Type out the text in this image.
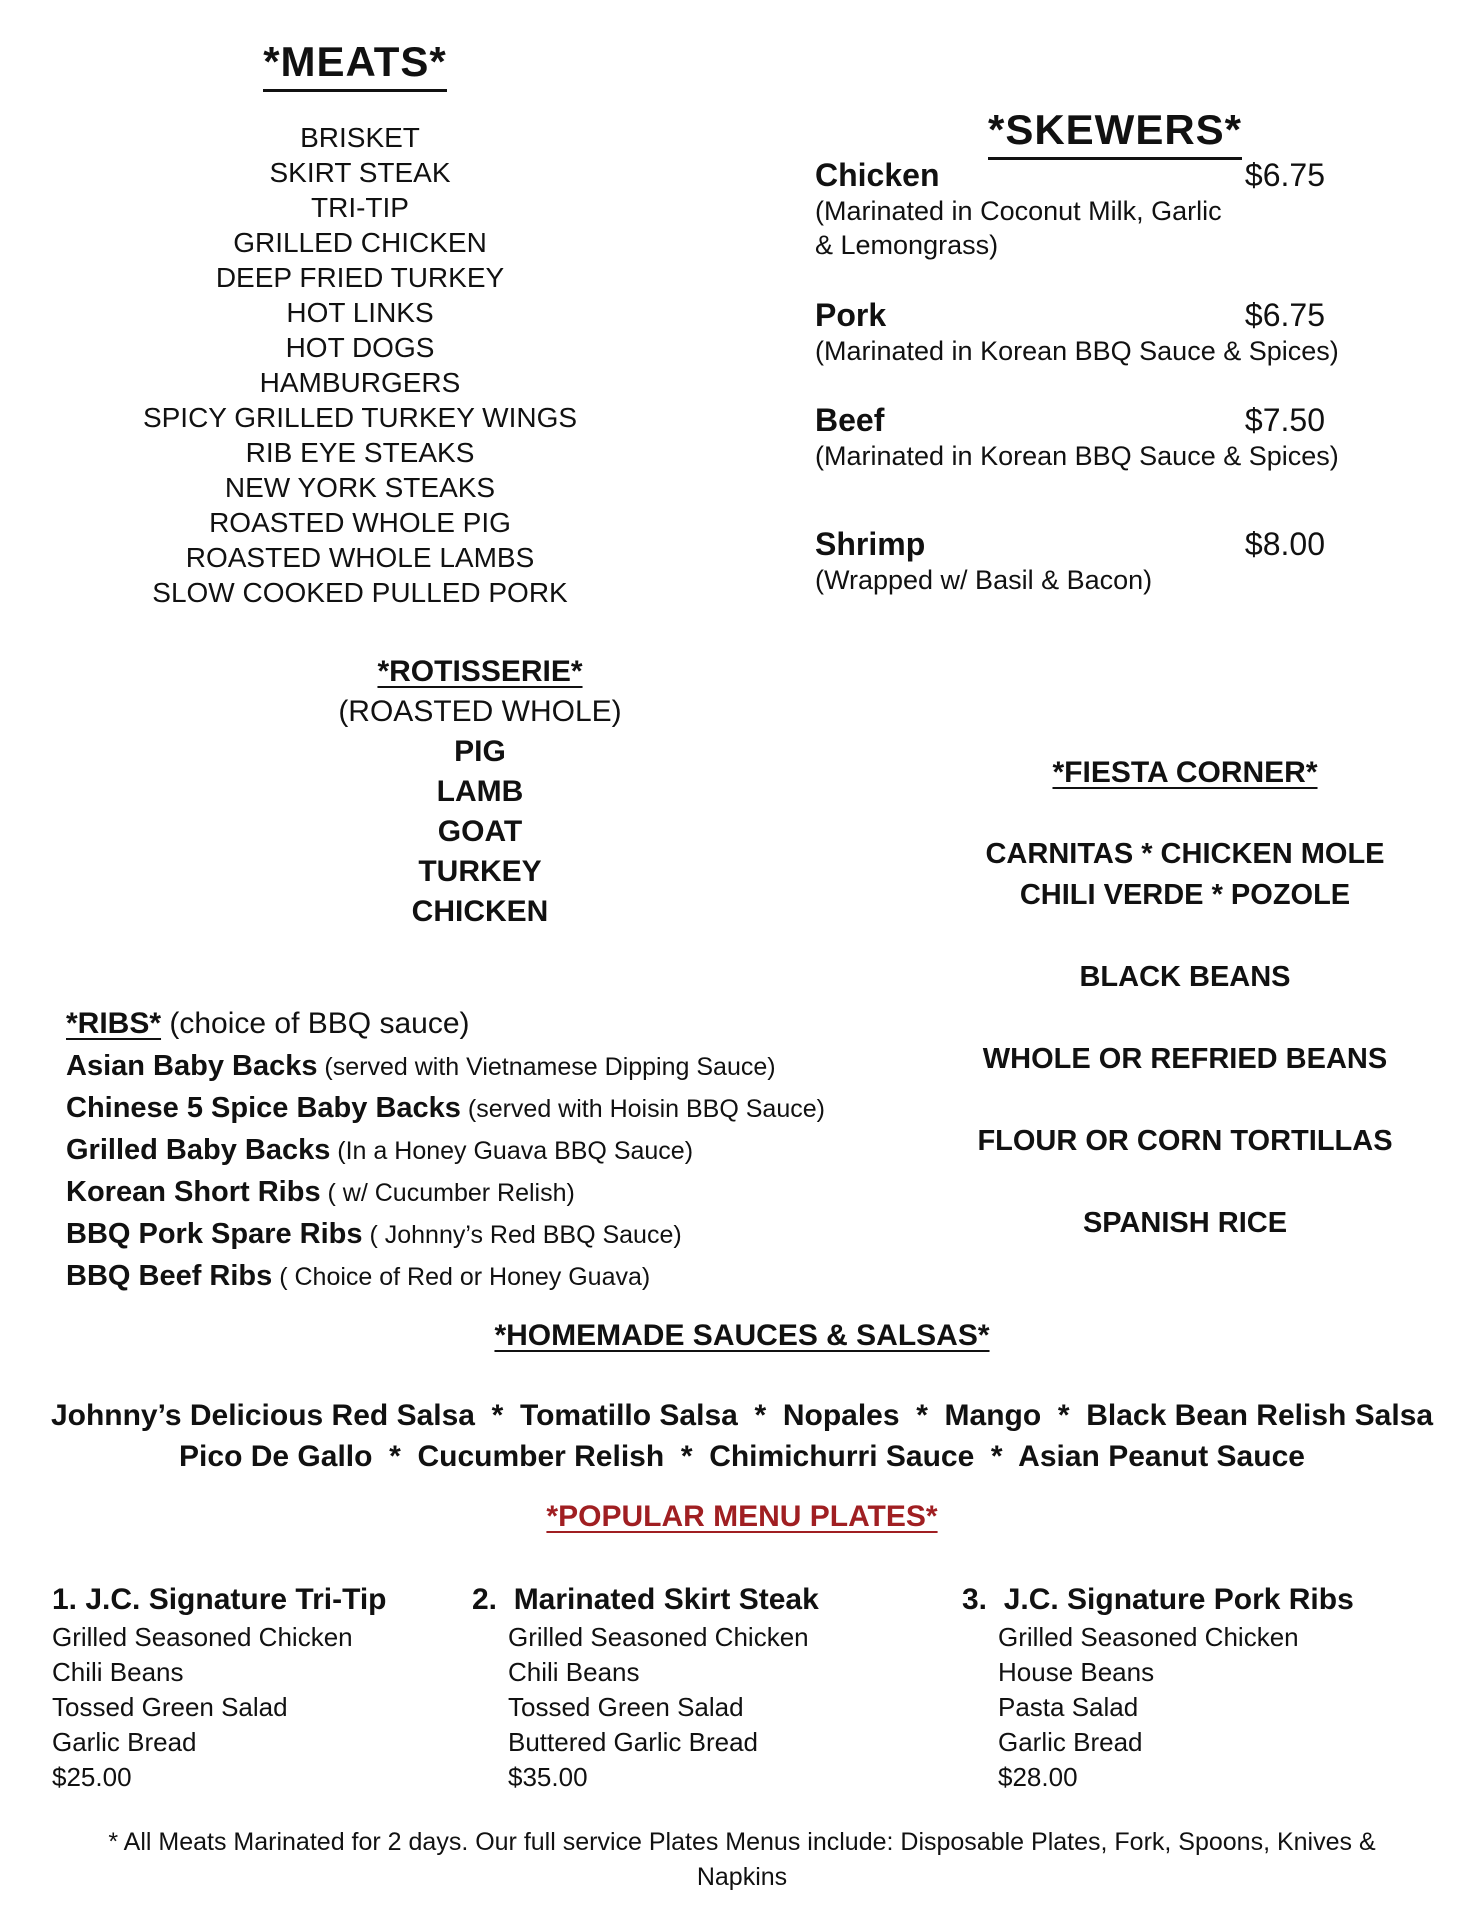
*MEATS*
BRISKET
SKIRT STEAK
TRI-TIP
GRILLED CHICKEN
DEEP FRIED TURKEY
HOT LINKS
HOT DOGS
HAMBURGERS
SPICY GRILLED TURKEY WINGS
RIB EYE STEAKS
NEW YORK STEAKS
ROASTED WHOLE PIG
ROASTED WHOLE LAMBS
SLOW COOKED PULLED PORK
*SKEWERS*
Chicken	$6.75
(Marinated in Coconut Milk, Garlic
& Lemongrass)
Pork	$6.75
(Marinated in Korean BBQ Sauce & Spices)
Beef	$7.50
(Marinated in Korean BBQ Sauce & Spices)
Shrimp	$8.00
(Wrapped w/ Basil & Bacon)
*ROTISSERIE*
(ROASTED WHOLE)
PIG
LAMB
GOAT
TURKEY
CHICKEN
*FIESTA CORNER*
CARNITAS * CHICKEN MOLE
CHILI VERDE * POZOLE
BLACK BEANS
WHOLE OR REFRIED BEANS
FLOUR OR CORN TORTILLAS
SPANISH RICE
*RIBS* (choice of BBQ sauce)
Asian Baby Backs (served with Vietnamese Dipping Sauce)
Chinese 5 Spice Baby Backs (served with Hoisin BBQ Sauce)
Grilled Baby Backs (In a Honey Guava BBQ Sauce)
Korean Short Ribs ( w/ Cucumber Relish)
BBQ Pork Spare Ribs ( Johnny’s Red BBQ Sauce)
BBQ Beef Ribs ( Choice of Red or Honey Guava)
*HOMEMADE SAUCES & SALSAS*
Johnny’s Delicious Red Salsa  *  Tomatillo Salsa  *  Nopales  *  Mango  *  Black Bean Relish Salsa
Pico De Gallo  *  Cucumber Relish  *  Chimichurri Sauce  *  Asian Peanut Sauce
*POPULAR MENU PLATES*
1. J.C. Signature Tri-Tip
Grilled Seasoned Chicken
Chili Beans
Tossed Green Salad
Garlic Bread
$25.00
2.  Marinated Skirt Steak
Grilled Seasoned Chicken
Chili Beans
Tossed Green Salad
Buttered Garlic Bread
$35.00
3.  J.C. Signature Pork Ribs
Grilled Seasoned Chicken
House Beans
Pasta Salad
Garlic Bread
$28.00
* All Meats Marinated for 2 days. Our full service Plates Menus include: Disposable Plates, Fork, Spoons, Knives & Napkins
